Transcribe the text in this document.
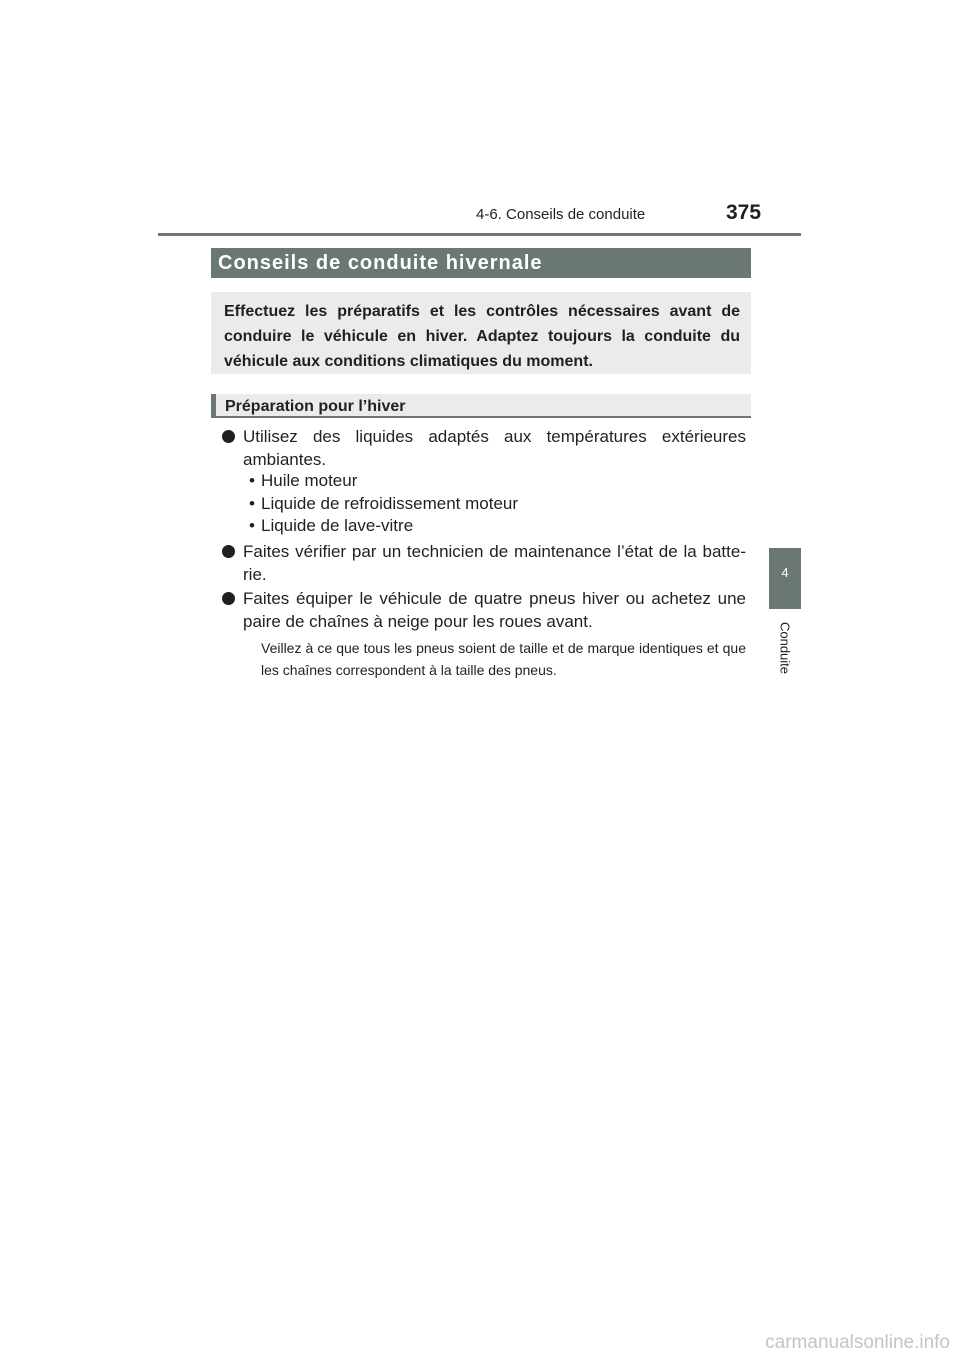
4-6. Conseils de conduite	375
Conseils de conduite hivernale
Effectuez les préparatifs et les contrôles nécessaires avant de conduire le véhicule en hiver. Adaptez toujours la conduite du véhicule aux conditions climatiques du moment.
Préparation pour l’hiver
Utilisez des liquides adaptés aux températures extérieures ambiantes.
• Huile moteur
• Liquide de refroidissement moteur
• Liquide de lave-vitre
Faites vérifier par un technicien de maintenance l’état de la batte-rie.
Faites équiper le véhicule de quatre pneus hiver ou achetez une paire de chaînes à neige pour les roues avant.
Veillez à ce que tous les pneus soient de taille et de marque identiques et que les chaînes correspondent à la taille des pneus.
4
Conduite
carmanualsonline.info
